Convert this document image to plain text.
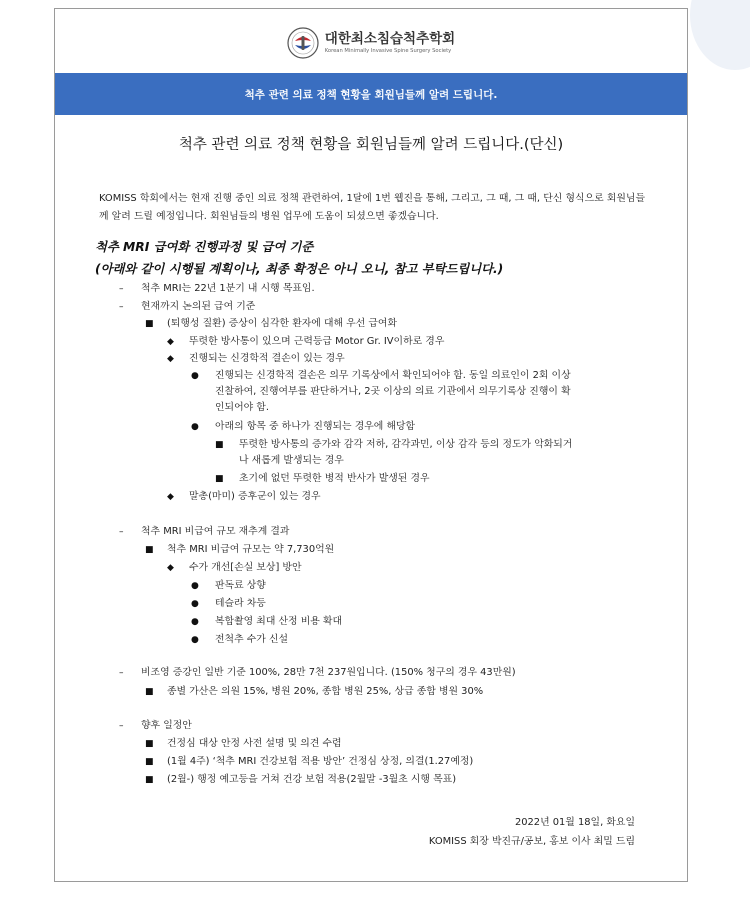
대한최소침습척추학회
Korean Minimally Invasive Spine Surgery Society
척추 관련 의료 정책 현황을 회원님들께 알려 드립니다.
척추 관련 의료 정책 현황을 회원님들께 알려 드립니다.(단신)
KOMISS 학회에서는 현재 진행 중인 의료 정책 관련하여, 1달에 1번 웹진을 통해, 그리고, 그 때, 그 때, 단신 형식으로 회원님들께 알려 드릴 예정입니다. 회원님들의 병원 업무에 도움이 되셨으면 좋겠습니다.
척추 MRI 급여화 진행과정 및 급여 기준
(아래와 같이 시행될 계획이나, 최종 확정은 아니 오니, 참고 부탁드립니다.)
– 척추 MRI는 22년 1분기 내 시행 목표임.
– 현재까지 논의된 급여 기준
■ (퇴행성 질환) 증상이 심각한 환자에 대해 우선 급여화
◆ 뚜렷한 방사통이 있으며 근력등급 Motor Gr. IV이하로 경우
◆ 진행되는 신경학적 결손이 있는 경우
● 진행되는 신경학적 결손은 의무 기록상에서 확인되어야 함. 동일 의료인이 2회 이상
진찰하여, 진행여부를 판단하거나, 2곳 이상의 의료 기관에서 의무기록상 진행이 확
인되어야 함.
● 아래의 항목 중 하나가 진행되는 경우에 해당함
■ 뚜렷한 방사통의 증가와 감각 저하, 감각과민, 이상 감각 등의 정도가 악화되거
나 새롭게 발생되는 경우
■ 초기에 없던 뚜렷한 병적 반사가 발생된 경우
◆ 말총(마미) 증후군이 있는 경우
– 척추 MRI 비급여 규모 재추계 결과
■ 척추 MRI 비급여 규모는 약 7,730억원
◆ 수가 개선[손실 보상] 방안
● 판독료 상향
● 테슬라 차등
● 복합촬영 최대 산정 비용 확대
● 전척추 수가 신설
– 비조영 증강인 일반 기준 100%, 28만 7천 237원입니다. (150% 청구의 경우 43만원)
■ 종별 가산은 의원 15%, 병원 20%, 종합 병원 25%, 상급 종합 병원 30%
– 향후 일정안
■ 건정심 대상 안정 사전 설명 및 의견 수렴
■ (1월 4주) ‘척추 MRI 건강보험 적용 방안’ 건정심 상정, 의결(1.27예정)
■ (2월-) 행정 예고등을 거쳐 건강 보험 적용(2월말 -3월초 시행 목표)
2022년 01월 18일, 화요일
KOMISS 회장 박진규/공보, 홍보 이사 최밀 드림
